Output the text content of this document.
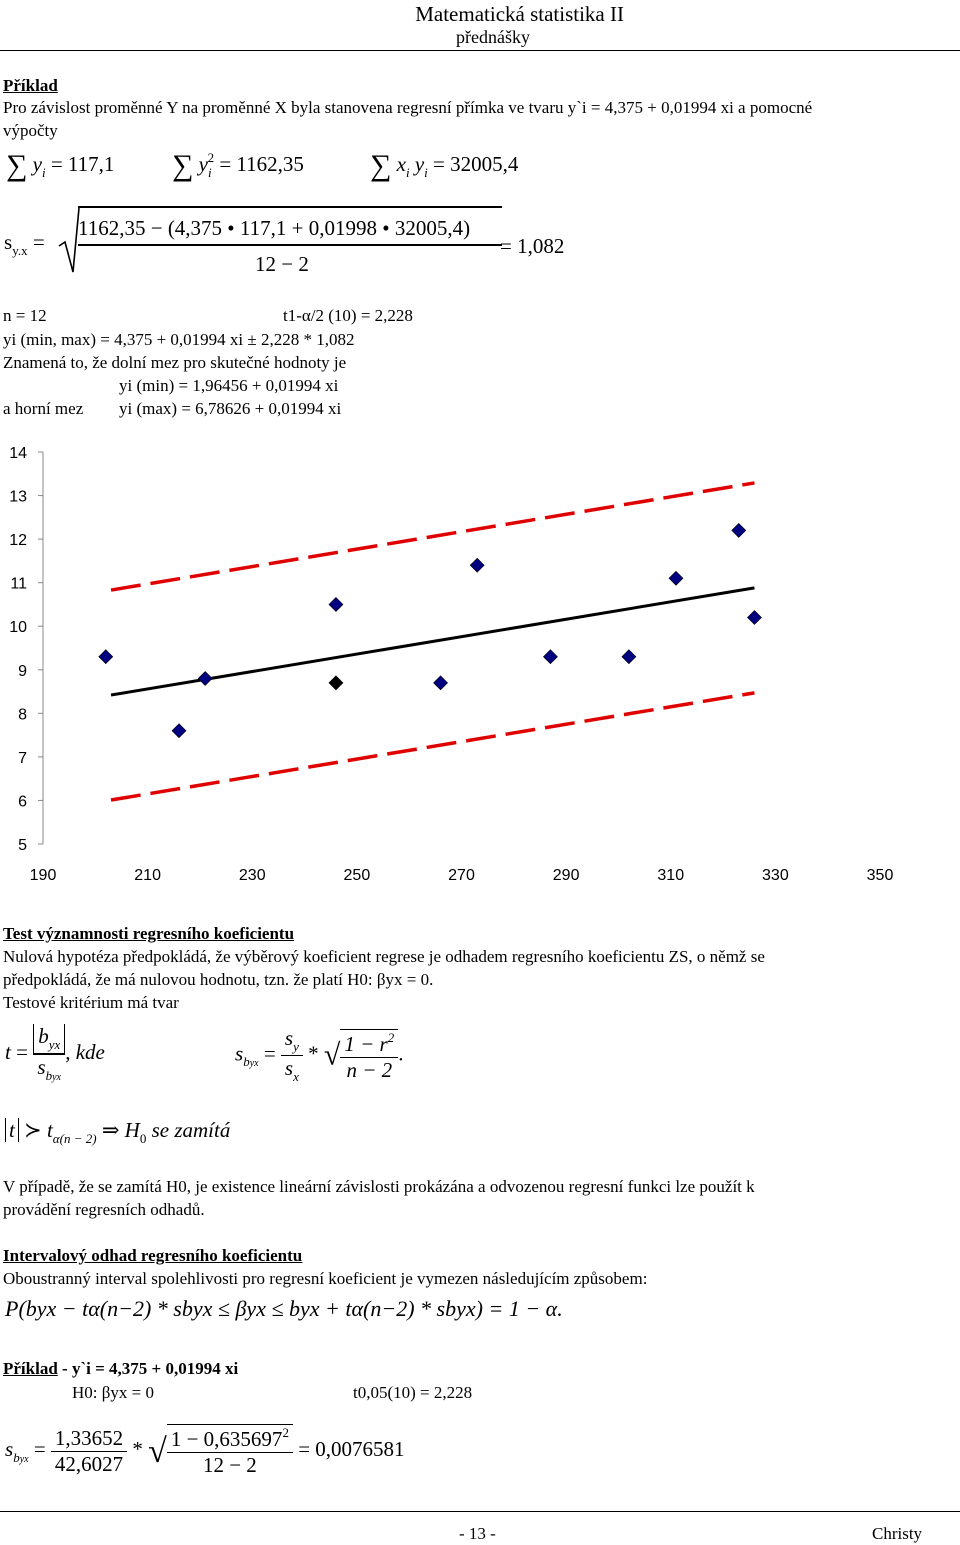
Matematická statistika II
přednášky
Příklad
Pro závislost proměnné Y na proměnné X byla stanovena regresní přímka ve tvaru y`i = 4,375 + 0,01994 xi a pomocné
výpočty
∑ $y_i = 117,1$ ∑ $y_i^2 = 1162,35$ ∑ $x_i$ $y_i = 32005,4$
$s_{y.x}$ =
1162,35 − (4,375 • 117,1 + 0,01998 • 32005,4)
12 − 2
= 1,082
n = 12	t1-α/2 (10) = 2,228
yi (min, max) = 4,375 + 0,01994 xi ± 2,228 * 1,082
Znamená to, že dolní mez pro skutečné hodnoty je
yi (min) = 1,96456 + 0,01994 xi
a horní mez yi (max) = 6,78626 + 0,01994 xi
14
13
12
11
10
9
8
7
6
5
190	210	230	250	270	290	310	330	350
Test významnosti regresního koeficientu
Nulová hypotéza předpokládá, že výběrový koeficient regrese je odhadem regresního koeficientu ZS, o němž se
předpokládá, že má nulovou hodnotu, tzn. že platí H0: βyx = 0.
Testové kritérium má tvar
$t = \frac{b_{yx}}{s_{byx}}$ , kde	$s_{byx} = \frac{s_y}{s_x}$ * √ $\frac{1 - r^2}{n - 2}$ .
t ≻ $t_{\alpha(n - 2)}$ ⇒ $H_0$ se zamítá
V případě, že se zamítá H0, je existence lineární závislosti prokázána a odvozenou regresní funkci lze použít k
provádění regresních odhadů.
Intervalový odhad regresního koeficientu
Oboustranný interval spolehlivosti pro regresní koeficient je vymezen následujícím způsobem:
P(byx − tα(n−2) * sbyx ≤ βyx ≤ byx + tα(n−2) * sbyx) = 1 − α.
Příklad - y`i = 4,375 + 0,01994 xi
H0: βyx = 0	t0,05(10) = 2,228
$s_{byx} = \frac{1,33652}{42,6027}$ * √ $\frac{1 - 0,635697^2}{12 - 2} = 0,0076581$
- 13 -	Christy
